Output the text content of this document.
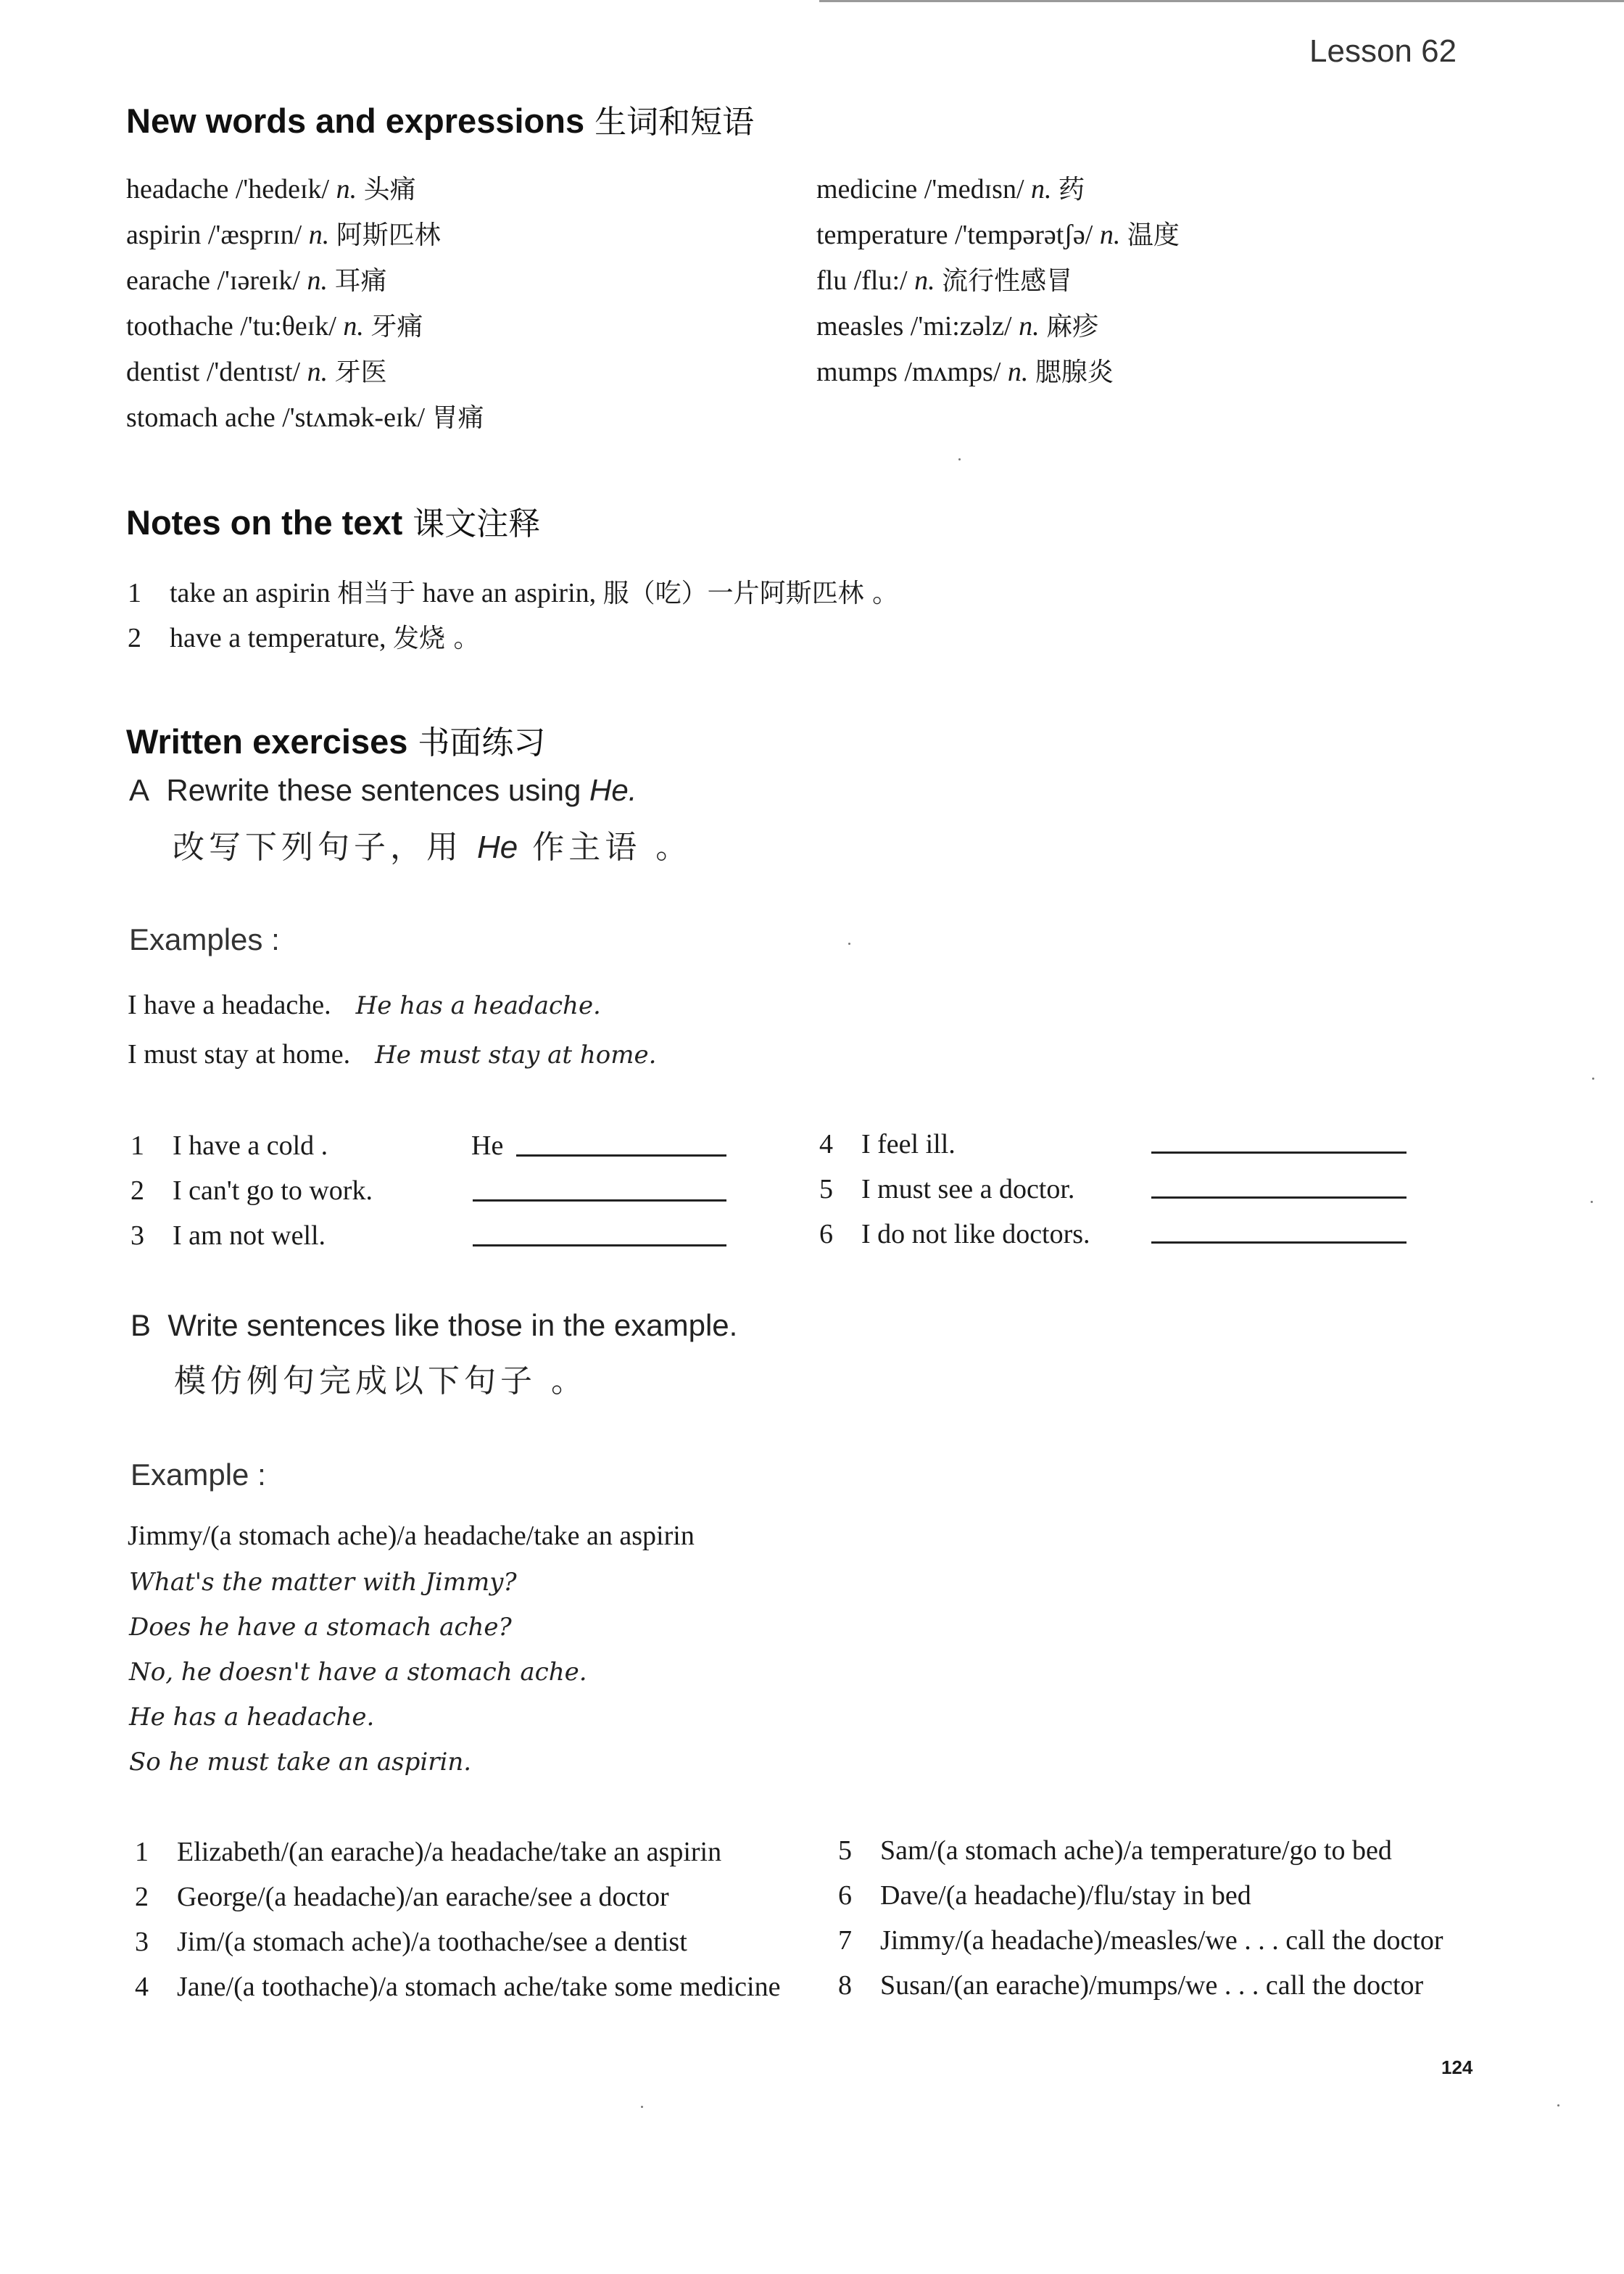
Lesson 62
New words and expressions 生词和短语
headache /'hedeɪk/ n. 头痛
aspirin /'æsprɪn/ n. 阿斯匹林
earache /'ɪəreɪk/ n. 耳痛
toothache /'tu:θeɪk/ n. 牙痛
dentist /'dentɪst/ n. 牙医
stomach ache /'stʌmək-eɪk/ 胃痛
medicine /'medɪsn/ n. 药
temperature /'tempərətʃə/ n. 温度
flu /flu:/ n. 流行性感冒
measles /'mi:zəlz/ n. 麻疹
mumps /mʌmps/ n. 腮腺炎
Notes on the text 课文注释
1 take an aspirin 相当于 have an aspirin, 服（吃）一片阿斯匹林 。
2 have a temperature, 发烧 。
Written exercises 书面练习
A Rewrite these sentences using He.
改写下列句子，用 He 作主语 。
Examples :
I have a headache. He has a headache.
I must stay at home. He must stay at home.
1 I have a cold .	He
2 I can't go to work.
3 I am not well.
4 I feel ill.
5 I must see a doctor.
6 I do not like doctors.
B Write sentences like those in the example.
模仿例句完成以下句子 。
Example :
Jimmy/(a stomach ache)/a headache/take an aspirin
What's the matter with Jimmy?
Does he have a stomach ache?
No, he doesn't have a stomach ache.
He has a headache.
So he must take an aspirin.
1 Elizabeth/(an earache)/a headache/take an aspirin
2 George/(a headache)/an earache/see a doctor
3 Jim/(a stomach ache)/a toothache/see a dentist
4 Jane/(a toothache)/a stomach ache/take some medicine
5 Sam/(a stomach ache)/a temperature/go to bed
6 Dave/(a headache)/flu/stay in bed
7 Jimmy/(a headache)/measles/we . . . call the doctor
8 Susan/(an earache)/mumps/we . . . call the doctor
124
